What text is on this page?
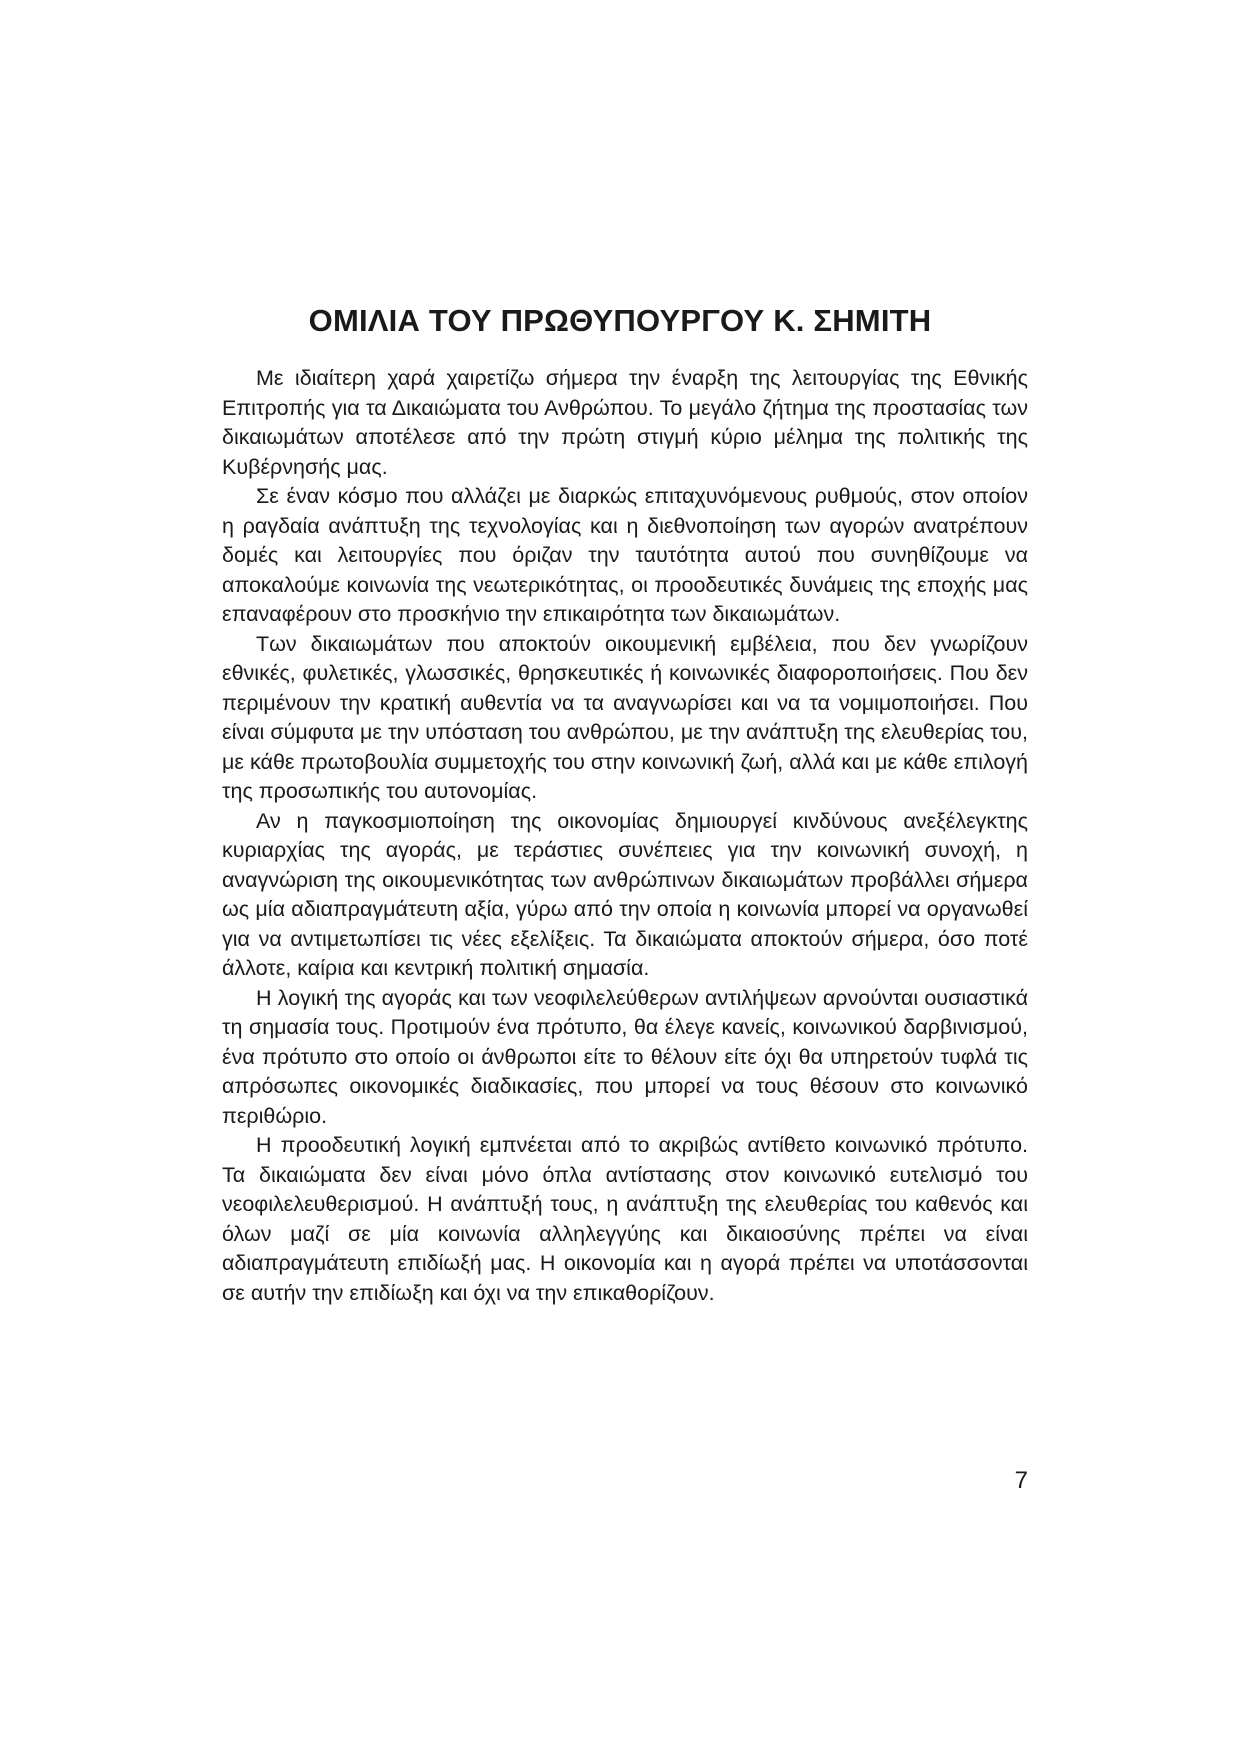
ΟΜΙΛΙΑ ΤΟΥ ΠΡΩΘΥΠΟΥΡΓΟΥ Κ. ΣΗΜΙΤΗ

Με ιδιαίτερη χαρά χαιρετίζω σήμερα την έναρξη της λειτουργίας της Εθνικής Επιτροπής για τα Δικαιώματα του Ανθρώπου. Το μεγάλο ζήτημα της προστασίας των δικαιωμάτων αποτέλεσε από την πρώτη στιγμή κύριο μέλημα της πολιτικής της Κυβέρνησής μας.

Σε έναν κόσμο που αλλάζει με διαρκώς επιταχυνόμενους ρυθμούς, στον οποίον η ραγδαία ανάπτυξη της τεχνολογίας και η διεθνοποίηση των αγορών ανατρέπουν δομές και λειτουργίες που όριζαν την ταυτότητα αυτού που συνηθίζουμε να αποκαλούμε κοινωνία της νεωτερικότητας, οι προοδευτικές δυνάμεις της εποχής μας επαναφέρουν στο προσκήνιο την επικαιρότητα των δικαιωμάτων.

Των δικαιωμάτων που αποκτούν οικουμενική εμβέλεια, που δεν γνωρίζουν εθνικές, φυλετικές, γλωσσικές, θρησκευτικές ή κοινωνικές διαφοροποιήσεις. Που δεν περιμένουν την κρατική αυθεντία να τα αναγνωρίσει και να τα νομιμοποιήσει. Που είναι σύμφυτα με την υπόσταση του ανθρώπου, με την ανάπτυξη της ελευθερίας του, με κάθε πρωτοβουλία συμμετοχής του στην κοινωνική ζωή, αλλά και με κάθε επιλογή της προσωπικής του αυτονομίας.

Αν η παγκοσμιοποίηση της οικονομίας δημιουργεί κινδύνους ανεξέλεγκτης κυριαρχίας της αγοράς, με τεράστιες συνέπειες για την κοινωνική συνοχή, η αναγνώριση της οικουμενικότητας των ανθρώπινων δικαιωμάτων προβάλλει σήμερα ως μία αδιαπραγμάτευτη αξία, γύρω από την οποία η κοινωνία μπορεί να οργανωθεί για να αντιμετωπίσει τις νέες εξελίξεις. Τα δικαιώματα αποκτούν σήμερα, όσο ποτέ άλλοτε, καίρια και κεντρική πολιτική σημασία.

Η λογική της αγοράς και των νεοφιλελεύθερων αντιλήψεων αρνούνται ουσιαστικά τη σημασία τους. Προτιμούν ένα πρότυπο, θα έλεγε κανείς, κοινωνικού δαρβινισμού, ένα πρότυπο στο οποίο οι άνθρωποι είτε το θέλουν είτε όχι θα υπηρετούν τυφλά τις απρόσωπες οικονομικές διαδικασίες, που μπορεί να τους θέσουν στο κοινωνικό περιθώριο.

Η προοδευτική λογική εμπνέεται από το ακριβώς αντίθετο κοινωνικό πρότυπο. Τα δικαιώματα δεν είναι μόνο όπλα αντίστασης στον κοινωνικό ευτελισμό του νεοφιλελευθερισμού. Η ανάπτυξή τους, η ανάπτυξη της ελευθερίας του καθενός και όλων μαζί σε μία κοινωνία αλληλεγγύης και δικαιοσύνης πρέπει να είναι αδιαπραγμάτευτη επιδίωξή μας. Η οικονομία και η αγορά πρέπει να υποτάσσονται σε αυτήν την επιδίωξη και όχι να την επικαθορίζουν.

7
